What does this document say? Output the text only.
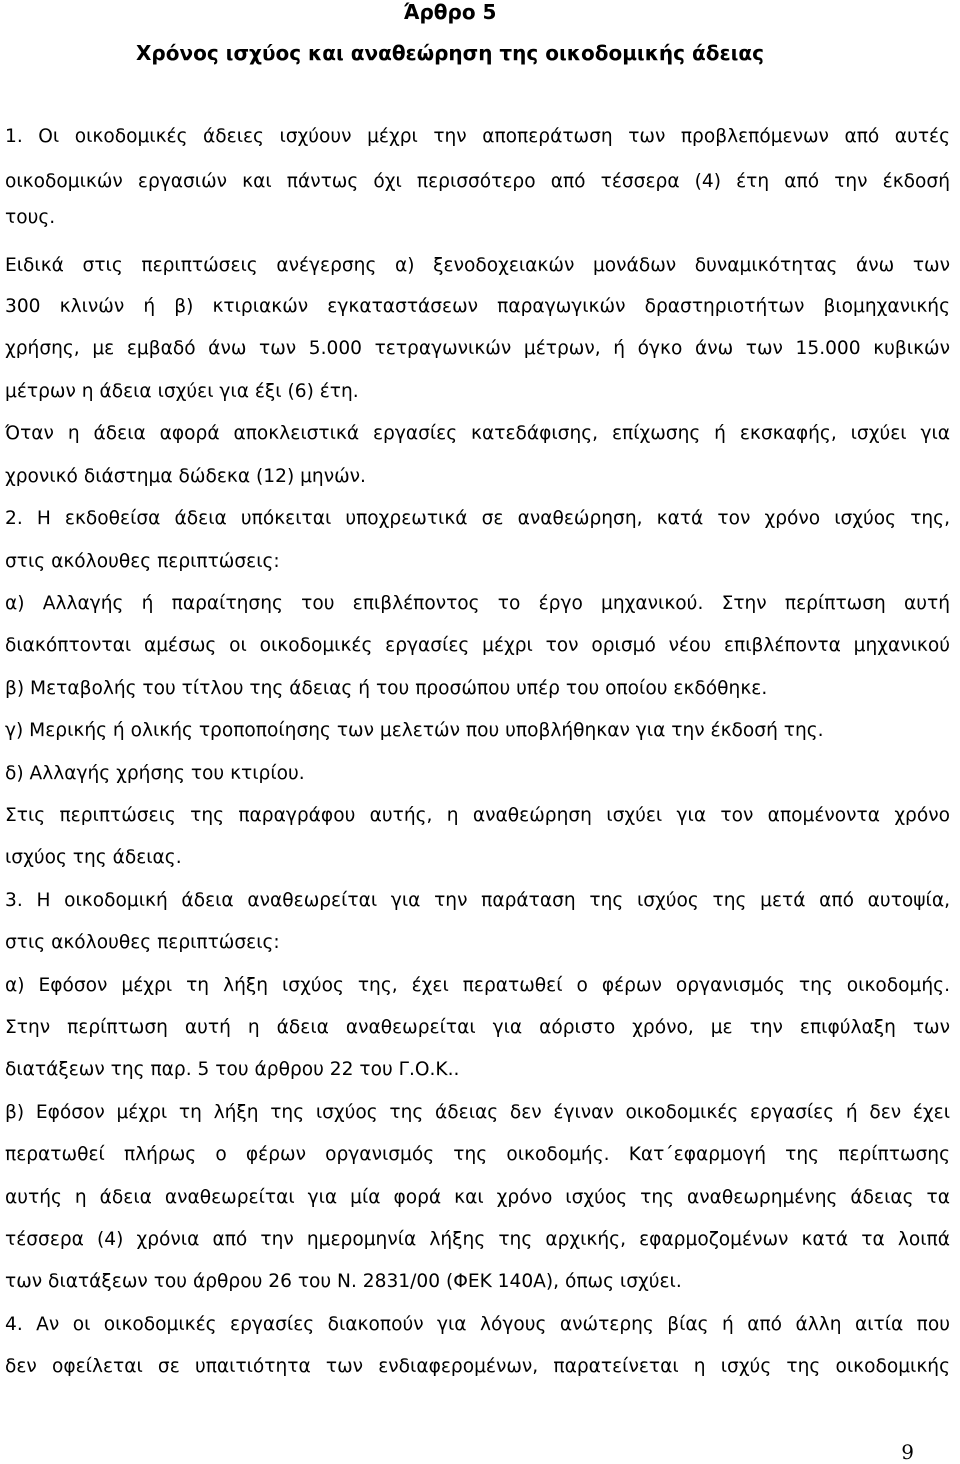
Άρθρο 5
Χρόνος ισχύος και αναθεώρηση της οικοδομικής άδειας

1. Οι οικοδομικές άδειες ισχύουν μέχρι την αποπεράτωση των προβλεπόμενων από αυτές

οικοδομικών εργασιών και πάντως όχι περισσότερο από τέσσερα (4) έτη από την έκδοσή

τους.

Ειδικά στις περιπτώσεις ανέγερσης α) ξενοδοχειακών μονάδων δυναμικότητας άνω των

300 κλινών ή β) κτιριακών εγκαταστάσεων παραγωγικών δραστηριοτήτων βιομηχανικής

χρήσης, με εμβαδό άνω των 5.000 τετραγωνικών μέτρων, ή όγκο άνω των 15.000 κυβικών

μέτρων η άδεια ισχύει για έξι (6) έτη.

Όταν η άδεια αφορά αποκλειστικά εργασίες κατεδάφισης, επίχωσης ή εκσκαφής, ισχύει για

χρονικό διάστημα δώδεκα (12) μηνών.

2. Η εκδοθείσα άδεια υπόκειται υποχρεωτικά σε αναθεώρηση, κατά τον χρόνο ισχύος της,

στις ακόλουθες περιπτώσεις:

α) Αλλαγής ή παραίτησης του επιβλέποντος το έργο μηχανικού. Στην περίπτωση αυτή

διακόπτονται αμέσως οι οικοδομικές εργασίες μέχρι τον ορισμό νέου επιβλέποντα μηχανικού

β) Μεταβολής του τίτλου της άδειας ή του προσώπου υπέρ του οποίου εκδόθηκε.

γ) Μερικής ή ολικής τροποποίησης των μελετών που υποβλήθηκαν για την έκδοσή της.

δ) Αλλαγής χρήσης του κτιρίου.

Στις περιπτώσεις της παραγράφου αυτής, η αναθεώρηση ισχύει για τον απομένοντα χρόνο

ισχύος της άδειας.

3. Η οικοδομική άδεια αναθεωρείται για την παράταση της ισχύος της μετά από αυτοψία,

στις ακόλουθες περιπτώσεις:

α) Εφόσον μέχρι τη λήξη ισχύος της, έχει περατωθεί ο φέρων οργανισμός της οικοδομής.

Στην περίπτωση αυτή η άδεια αναθεωρείται για αόριστο χρόνο, με την επιφύλαξη των

διατάξεων της παρ. 5 του άρθρου 22 του Γ.Ο.Κ..

β) Εφόσον μέχρι τη λήξη της ισχύος της άδειας δεν έγιναν οικοδομικές εργασίες ή δεν έχει

περατωθεί πλήρως ο φέρων οργανισμός της οικοδομής. Κατ΄εφαρμογή της περίπτωσης

αυτής η άδεια αναθεωρείται για μία φορά και χρόνο ισχύος της αναθεωρημένης άδειας τα

τέσσερα (4) χρόνια από την ημερομηνία λήξης της αρχικής, εφαρμοζομένων κατά τα λοιπά

των διατάξεων του άρθρου 26 του Ν. 2831/00 (ΦΕΚ 140Α), όπως ισχύει.

4. Αν οι οικοδομικές εργασίες διακοπούν για λόγους ανώτερης βίας ή από άλλη αιτία που

δεν οφείλεται σε υπαιτιότητα των ενδιαφερομένων, παρατείνεται η ισχύς της οικοδομικής

9
